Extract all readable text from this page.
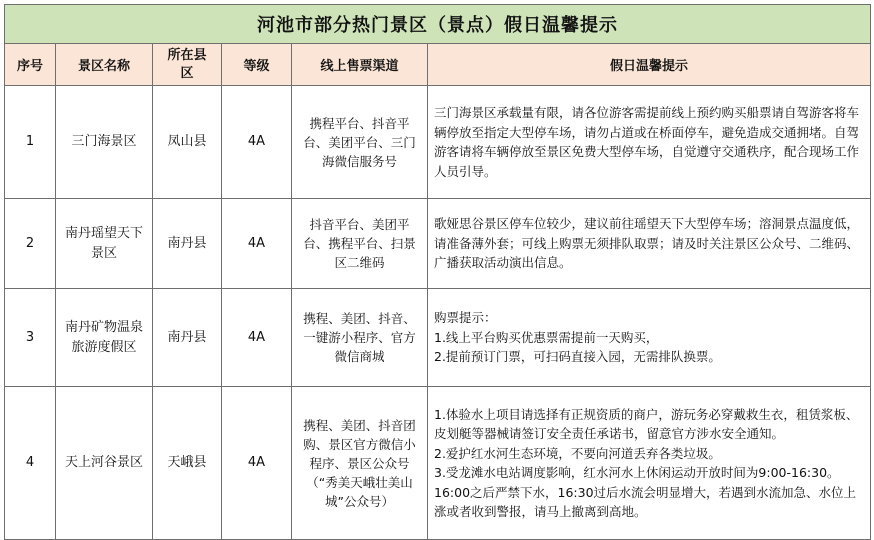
河池市部分热门景区（景点）假日温馨提示					
序号	景区名称	所在县区	等级	线上售票渠道	假日温馨提示
1	三门海景区	凤山县	4A	携程平台、抖音平台、美团平台、三门海微信服务号	三门海景区承载量有限，请各位游客需提前线上预约购买船票请自驾游客将车辆停放至指定大型停车场，请勿占道或在桥面停车，避免造成交通拥堵。自驾游客请将车辆停放至景区免费大型停车场，自觉遵守交通秩序，配合现场工作人员引导。

2	南丹瑶望天下景区	南丹县	4A	抖音平台、美团平台、携程平台、扫景区二维码	歌娅思谷景区停车位较少，建议前往瑶望天下大型停车场；溶洞景点温度低，请准备薄外套；可线上购票无须排队取票；请及时关注景区公众号、二维码、广播获取活动演出信息。

3	南丹矿物温泉旅游度假区	南丹县	4A	携程、美团、抖音、一键游小程序、官方微信商城	购票提示：
1.线上平台购买优惠票需提前一天购买，
2.提前预订门票，可扫码直接入园，无需排队换票。

4	天上河谷景区	天峨县	4A	携程、美团、抖音团购、景区官方微信小程序、景区公众号（“秀美天峨壮美山城”公众号）	1.体验水上项目请选择有正规资质的商户，游玩务必穿戴救生衣，租赁浆板、皮划艇等器械请签订安全责任承诺书，留意官方涉水安全通知。
2.爱护红水河生态环境，不要向河道丢弃各类垃圾。
3.受龙滩水电站调度影响，红水河水上休闲运动开放时间为9:00-16:30。16:00之后严禁下水，16:30过后水流会明显增大，若遇到水流加急、水位上涨或者收到警报，请马上撤离到高地。
